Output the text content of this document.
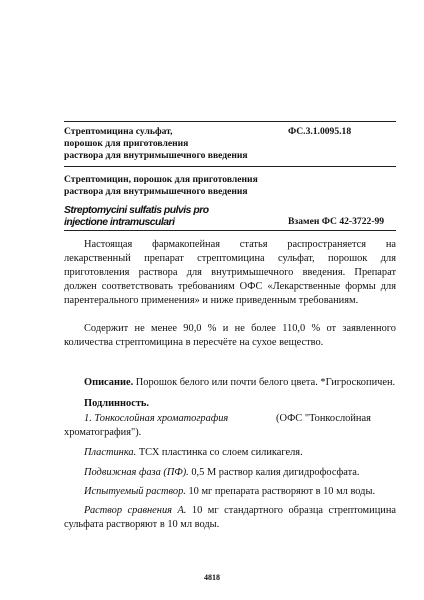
Стрептомицина сульфат,
порошок для приготовления
раствора для внутримышечного введения
ФС.3.1.0095.18
Стрептомицин, порошок для приготовления
раствора для внутримышечного введения
Streptomycini sulfatis pulvis pro
injectione intramusculari	Взамен ФС 42-3722-99
Настоящая фармакопейная статья распространяется на лекарственный препарат стрептомицина сульфат, порошок для приготовления раствора для внутримышечного введения. Препарат должен соответствовать требованиям ОФС «Лекарственные формы для парентерального применения» и ниже приведенным требованиям.
Содержит не менее 90,0 % и не более 110,0 % от заявленного количества стрептомицина в пересчёте на сухое вещество.
Описание. Порошок белого или почти белого цвета. *Гигроскопичен.
Подлинность.
1. Тонкослойная хроматография	(ОФС "Тонкослойная
хроматография").
Пластинка. ТСХ пластинка со слоем силикагеля.
Подвижная фаза (ПФ). 0,5 М раствор калия дигидрофосфата.
Испытуемый раствор. 10 мг препарата растворяют в 10 мл воды.
Раствор сравнения А. 10 мг стандартного образца стрептомицина сульфата растворяют в 10 мл воды.
4818
